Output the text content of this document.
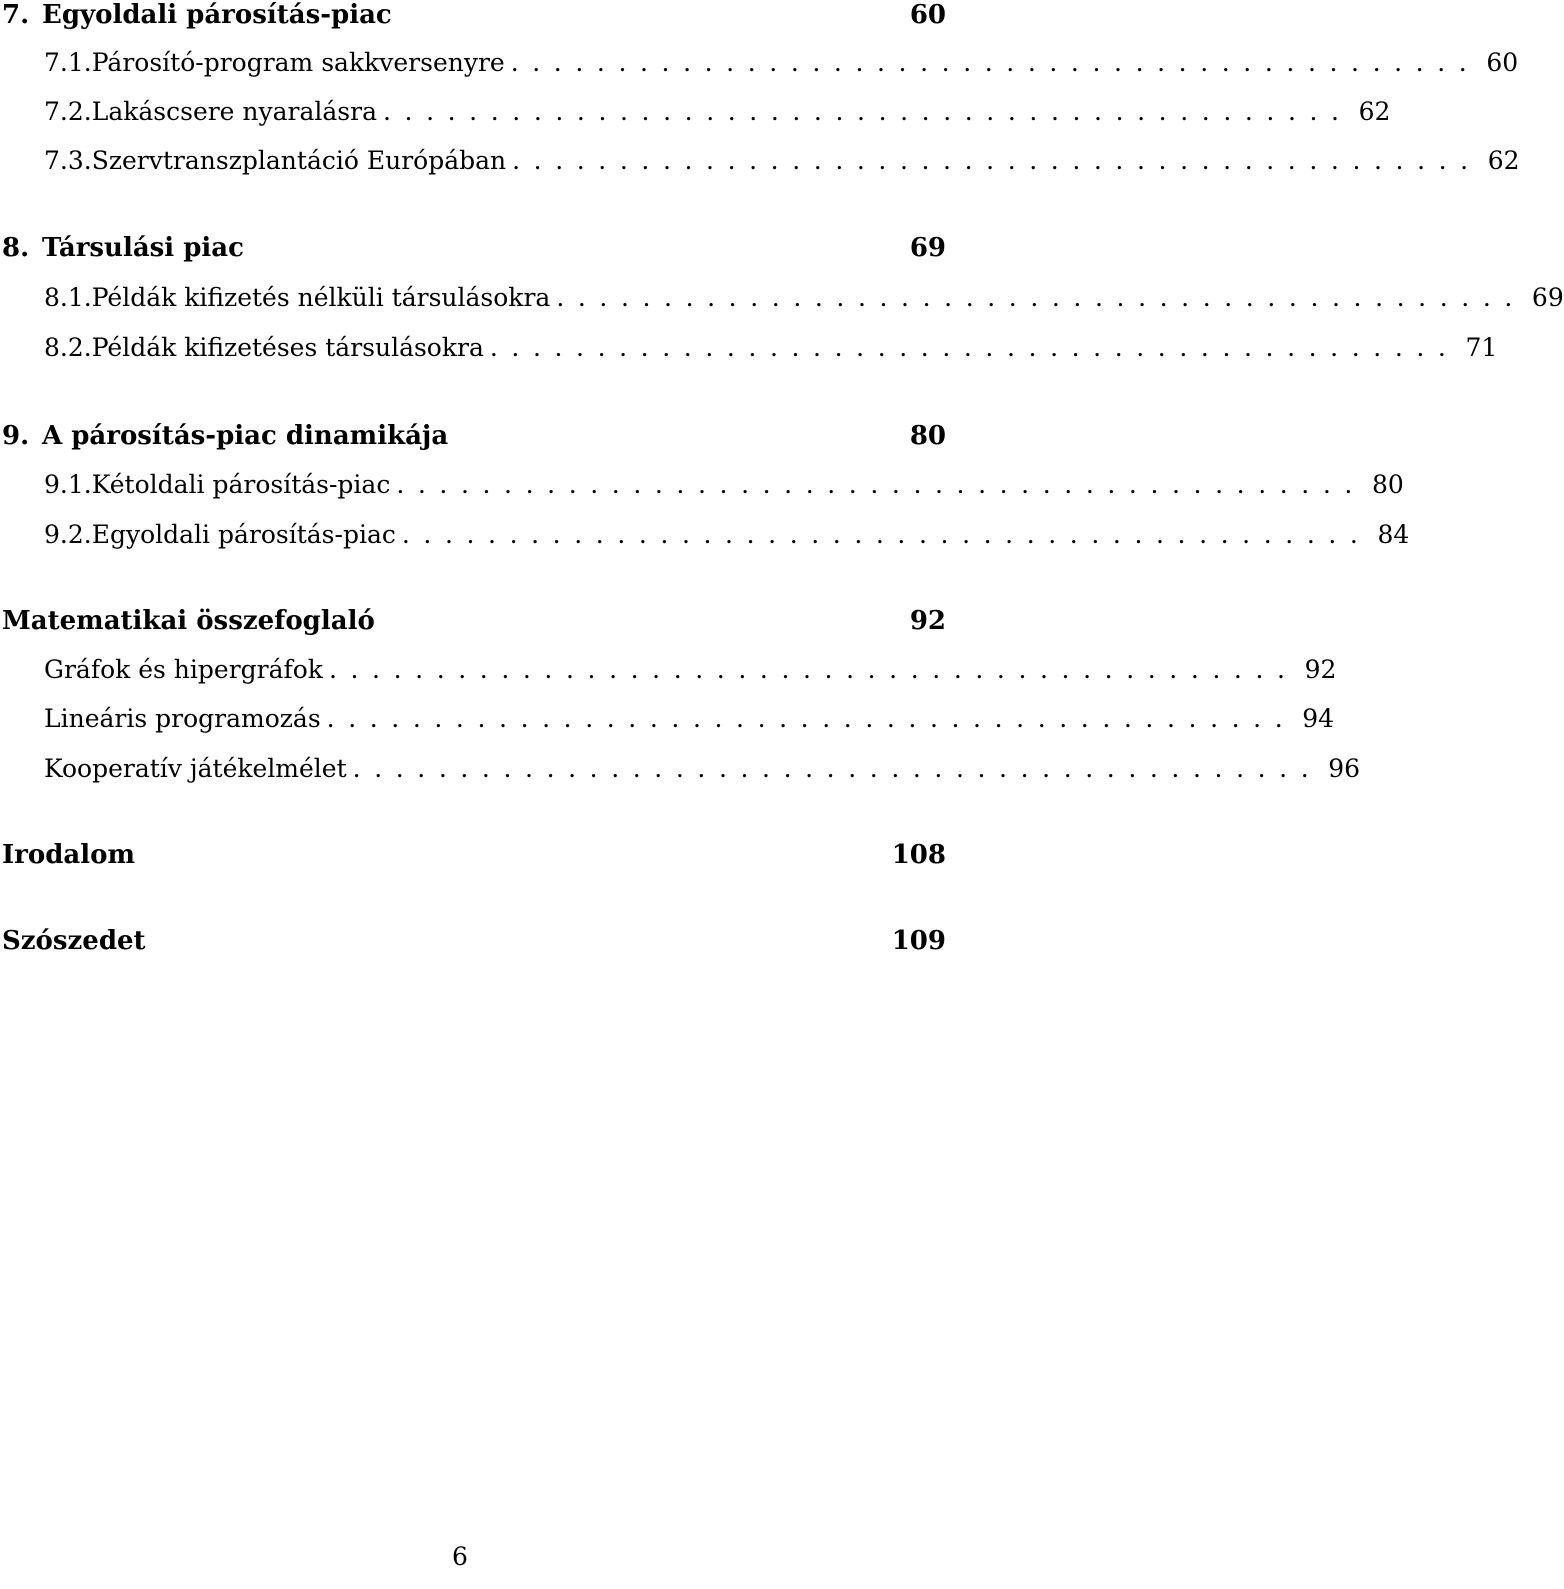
7. Egyoldali párosítás-piac	60
7.1. Párosító-program sakkversenyre ............................................. 60
7.2. Lakáscsere nyaralásra ............................................. 62
7.3. Szervtranszplantáció Európában ............................................. 62
8. Társulási piac	69
8.1. Példák kifizetés nélküli társulásokra ............................................. 69
8.2. Példák kifizetéses társulásokra ............................................. 71
9. A párosítás-piac dinamikája	80
9.1. Kétoldali párosítás-piac ............................................. 80
9.2. Egyoldali párosítás-piac ............................................. 84
Matematikai összefoglaló	92
Gráfok és hipergráfok ............................................. 92
Lineáris programozás ............................................. 94
Kooperatív játékelmélet ............................................. 96
Irodalom	108
Szószedet	109
6
